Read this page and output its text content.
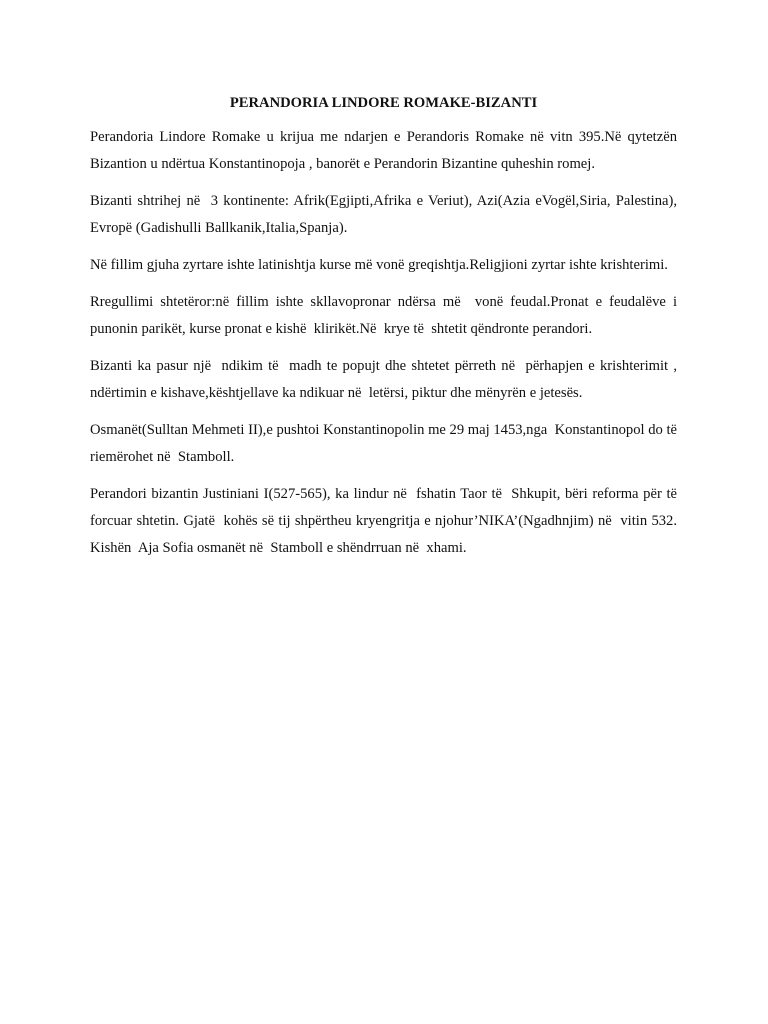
PERANDORIA LINDORE ROMAKE-BIZANTI

Perandoria Lindore Romake u krijua me ndarjen e Perandoris Romake në vitn 395.Në qytetzën Bizantion u ndërtua Konstantinopoja , banorët e Perandorin Bizantine quheshin romej.

Bizanti shtrihej në  3 kontinente: Afrik(Egjipti,Afrika e Veriut), Azi(Azia eVogël,Siria, Palestina), Evropë (Gadishulli Ballkanik,Italia,Spanja).

Në fillim gjuha zyrtare ishte latinishtja kurse më vonë greqishtja.Religjioni zyrtar ishte krishterimi.

Rregullimi shtetëror:në fillim ishte skllavopronar ndërsa më  vonë feudal.Pronat e feudalëve i punonin parikët, kurse pronat e kishë  klirikët.Në  krye të  shtetit qëndronte perandori.

Bizanti ka pasur një  ndikim të  madh te popujt dhe shtetet përreth në  përhapjen e krishterimit , ndërtimin e kishave,kështjellave ka ndikuar në  letërsi, piktur dhe mënyrën e jetesës.

Osmanët(Sulltan Mehmeti II),e pushtoi Konstantinopolin me 29 maj 1453,nga  Konstantinopol do të  riemërohet në  Stamboll.

Perandori bizantin Justiniani I(527-565), ka lindur në  fshatin Taor të  Shkupit, bëri reforma për të  forcuar shtetin. Gjatë  kohës së tij shpërtheu kryengritja e njohur’NIKA’(Ngadhnjim) në  vitin 532. Kishën  Aja Sofia osmanët në  Stamboll e shëndrruan në  xhami.
